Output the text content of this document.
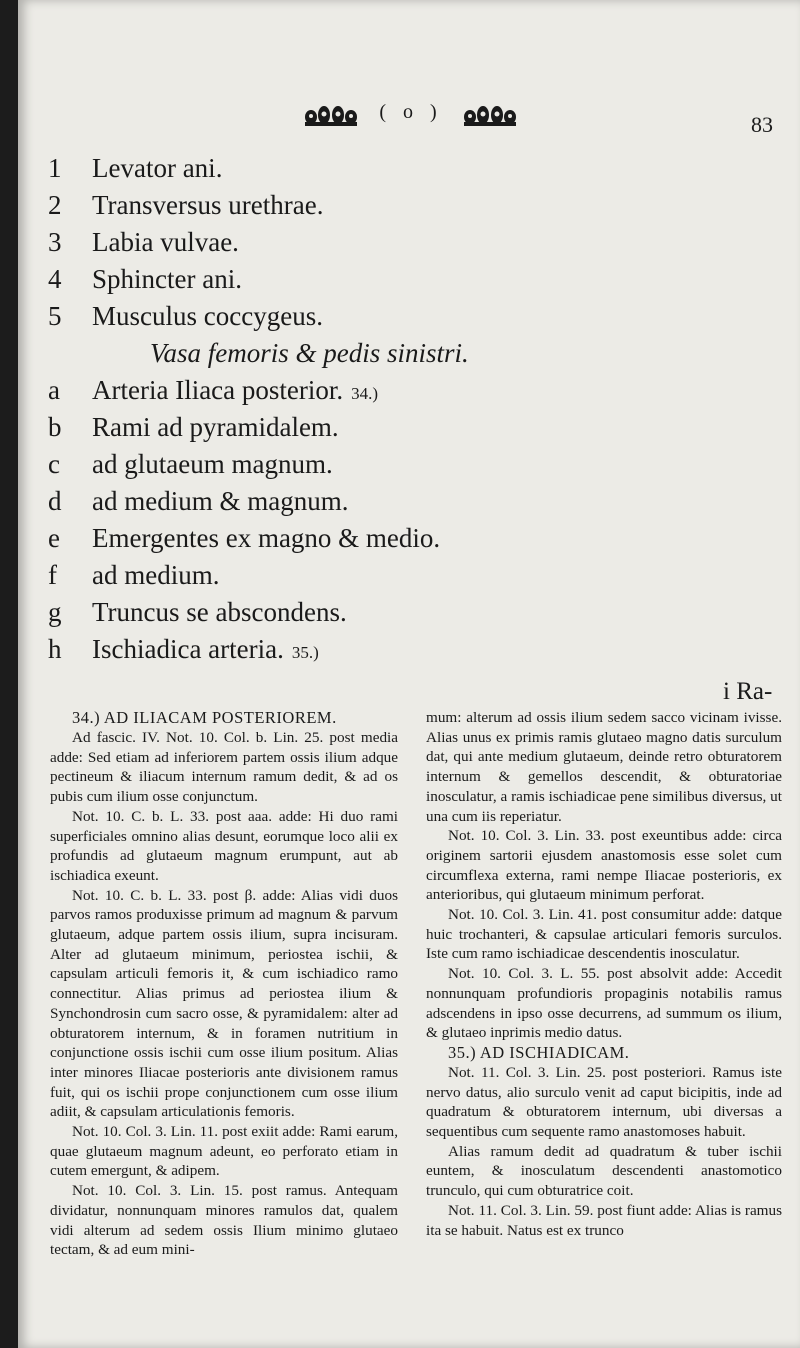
( o )	83
1	Levator ani.
2	Transversus urethrae.
3	Labia vulvae.
4	Sphincter ani.
5	Musculus coccygeus.
Vasa femoris & pedis sinistri.
a	Arteria Iliaca posterior. 34.)
b	Rami ad pyramidalem.
c	ad glutaeum magnum.
d	ad medium & magnum.
e	Emergentes ex magno & medio.
f	ad medium.
g	Truncus se abscondens.
h	Ischiadica arteria. 35.)
i Ra-
34.) AD ILIACAM POSTERIOREM.

Ad fascic. IV. Not. 10. Col. b. Lin. 25. post media adde: Sed etiam ad inferiorem partem ossis ilium adque pectineum & iliacum internum ramum dedit, & ad os pubis cum ilium osse conjunctum.

Not. 10. C. b. L. 33. post aaa. adde: Hi duo rami superficiales omnino alias desunt, eorumque loco alii ex profundis ad glutaeum magnum erumpunt, aut ab ischiadica exeunt.

Not. 10. C. b. L. 33. post β. adde: Alias vidi duos parvos ramos produxisse primum ad magnum & parvum glutaeum, adque partem ossis ilium, supra incisuram. Alter ad glutaeum minimum, periostea ischii, & capsulam articuli femoris it, & cum ischiadico ramo connectitur. Alias primus ad periostea ilium & Synchondrosin cum sacro osse, & pyramidalem: alter ad obturatorem internum, & in foramen nutritium in conjunctione ossis ischii cum osse ilium positum. Alias inter minores Iliacae posterioris ante divisionem ramus fuit, qui os ischii prope conjunctionem cum osse ilium adiit, & capsulam articulationis femoris.

Not. 10. Col. 3. Lin. 11. post exiit adde: Rami earum, quae glutaeum magnum adeunt, eo perforato etiam in cutem emergunt, & adipem.

Not. 10. Col. 3. Lin. 15. post ramus. Antequam dividatur, nonnunquam minores ramulos dat, qualem vidi alterum ad sedem ossis Ilium minimo glutaeo tectam, & ad eum mini-

mum: alterum ad ossis ilium sedem sacco vicinam ivisse. Alias unus ex primis ramis glutaeo magno datis surculum dat, qui ante medium glutaeum, deinde retro obturatorem internum & gemellos descendit, & obturatoriae inosculatur, a ramis ischiadicae pene similibus diversus, ut una cum iis reperiatur.

Not. 10. Col. 3. Lin. 33. post exeuntibus adde: circa originem sartorii ejusdem anastomosis esse solet cum circumflexa externa, rami nempe Iliacae posterioris, ex anterioribus, qui glutaeum minimum perforat.

Not. 10. Col. 3. Lin. 41. post consumitur adde: datque huic trochanteri, & capsulae articulari femoris surculos. Iste cum ramo ischiadicae descendentis inosculatur.

Not. 10. Col. 3. L. 55. post absolvit adde: Accedit nonnunquam profundioris propaginis notabilis ramus adscendens in ipso osse decurrens, ad summum os ilium, & glutaeo inprimis medio datus.

35.) AD ISCHIADICAM.

Not. 11. Col. 3. Lin. 25. post posteriori. Ramus iste nervo datus, alio surculo venit ad caput bicipitis, inde ad quadratum & obturatorem internum, ubi diversas a sequentibus cum sequente ramo anastomoses habuit.

Alias ramum dedit ad quadratum & tuber ischii euntem, & inosculatum descendenti anastomotico trunculo, qui cum obturatrice coit.

Not. 11. Col. 3. Lin. 59. post fiunt adde: Alias is ramus ita se habuit. Natus est ex trunco
